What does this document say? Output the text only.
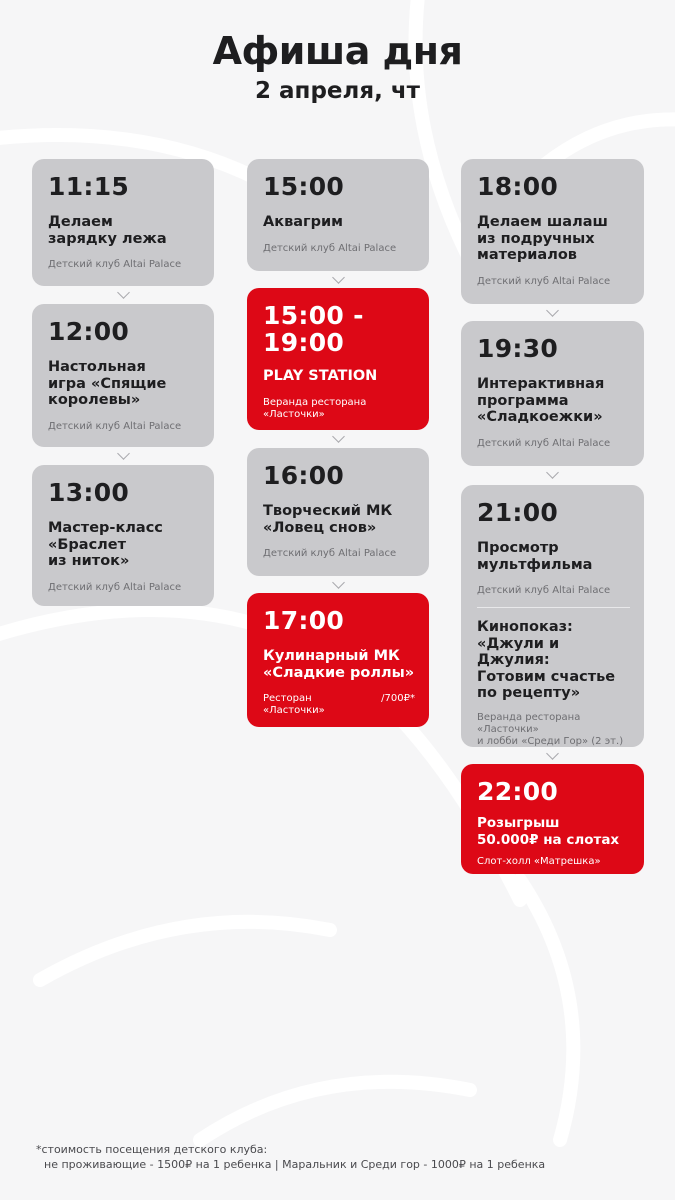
Афиша дня
2 апреля, чт
11:15
Делаем
зарядку лежа
Детский клуб Altai Palace
12:00
Настольная
игра «Спящие
королевы»
Детский клуб Altai Palace
13:00
Мастер-класс
«Браслет
из ниток»
Детский клуб Altai Palace
15:00
Аквагрим
Детский клуб Altai Palace
15:00 -
19:00
PLAY STATION
Веранда ресторана
«Ласточки»
16:00
Творческий МК
«Ловец снов»
Детский клуб Altai Palace
17:00
Кулинарный МК
«Сладкие роллы»
Ресторан
«Ласточки»
/700₽*
18:00
Делаем шалаш
из подручных
материалов
Детский клуб Altai Palace
19:30
Интерактивная
программа
«Сладкоежки»
Детский клуб Altai Palace
21:00
Просмотр
мультфильма
Детский клуб Altai Palace
Кинопоказ:
«Джули и Джулия:
Готовим счастье
по рецепту»
Веранда ресторана
«Ласточки»
и лобби «Среди Гор» (2 эт.)
22:00
Розыгрыш
50.000₽ на слотах
Слот-холл «Матрешка»
*стоимость посещения детского клуба:
не проживающие - 1500₽ на 1 ребенка | Маральник и Среди гор - 1000₽ на 1 ребенка
